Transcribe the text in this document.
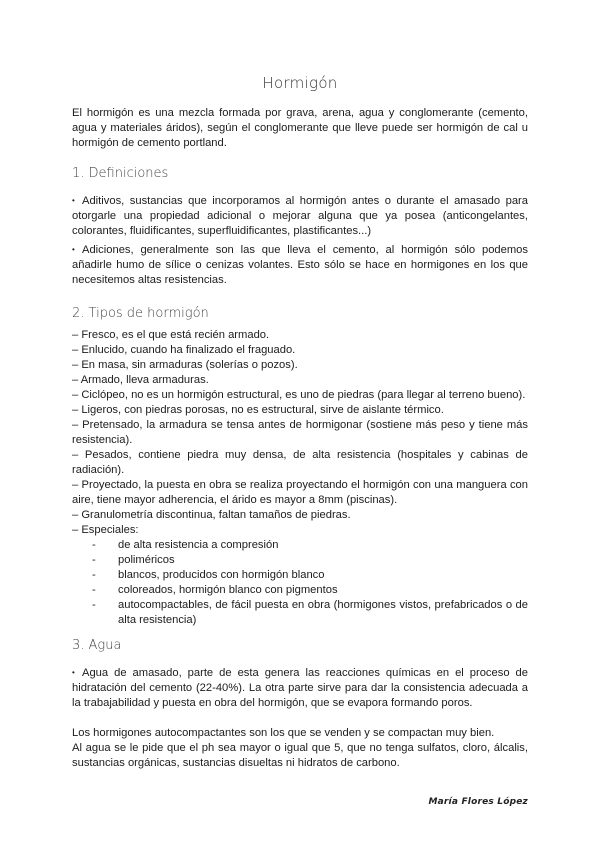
Hormigón
El hormigón es una mezcla formada por grava, arena, agua y conglomerante (cemento, agua y materiales áridos), según el conglomerante que lleve puede ser hormigón de cal u hormigón de cemento portland.
1. Definiciones

• Aditivos, sustancias que incorporamos al hormigón antes o durante el amasado para otorgarle una propiedad adicional o mejorar alguna que ya posea (anticongelantes, colorantes, fluidificantes, superfluidificantes, plastificantes...)

• Adiciones, generalmente son las que lleva el cemento, al hormigón sólo podemos añadirle humo de sílice o cenizas volantes. Esto sólo se hace en hormigones en los que necesitemos altas resistencias.

2. Tipos de hormigón

– Fresco, es el que está recién armado.

– Enlucido, cuando ha finalizado el fraguado.

– En masa, sin armaduras (solerías o pozos).

– Armado, lleva armaduras.

– Ciclópeo, no es un hormigón estructural, es uno de piedras (para llegar al terreno bueno).

– Ligeros, con piedras porosas, no es estructural, sirve de aislante térmico.

– Pretensado, la armadura se tensa antes de hormigonar (sostiene más peso y tiene más resistencia).

– Pesados, contiene piedra muy densa, de alta resistencia (hospitales y cabinas de radiación).

– Proyectado, la puesta en obra se realiza proyectando el hormigón con una manguera con aire, tiene mayor adherencia, el árido es mayor a 8mm (piscinas).

– Granulometría discontinua, faltan tamaños de piedras.

– Especiales:

- de alta resistencia a compresión
- poliméricos
- blancos, producidos con hormigón blanco
- coloreados, hormigón blanco con pigmentos
- autocompactables, de fácil puesta en obra (hormigones vistos, prefabricados o de alta resistencia)
3. Agua

• Agua de amasado, parte de esta genera las reacciones químicas en el proceso de hidratación del cemento (22-40%). La otra parte sirve para dar la consistencia adecuada a la trabajabilidad y puesta en obra del hormigón, que se evapora formando poros.

Los hormigones autocompactantes son los que se venden y se compactan muy bien.

Al agua se le pide que el ph sea mayor o igual que 5, que no tenga sulfatos, cloro, álcalis, sustancias orgánicas, sustancias disueltas ni hidratos de carbono.

María Flores López
